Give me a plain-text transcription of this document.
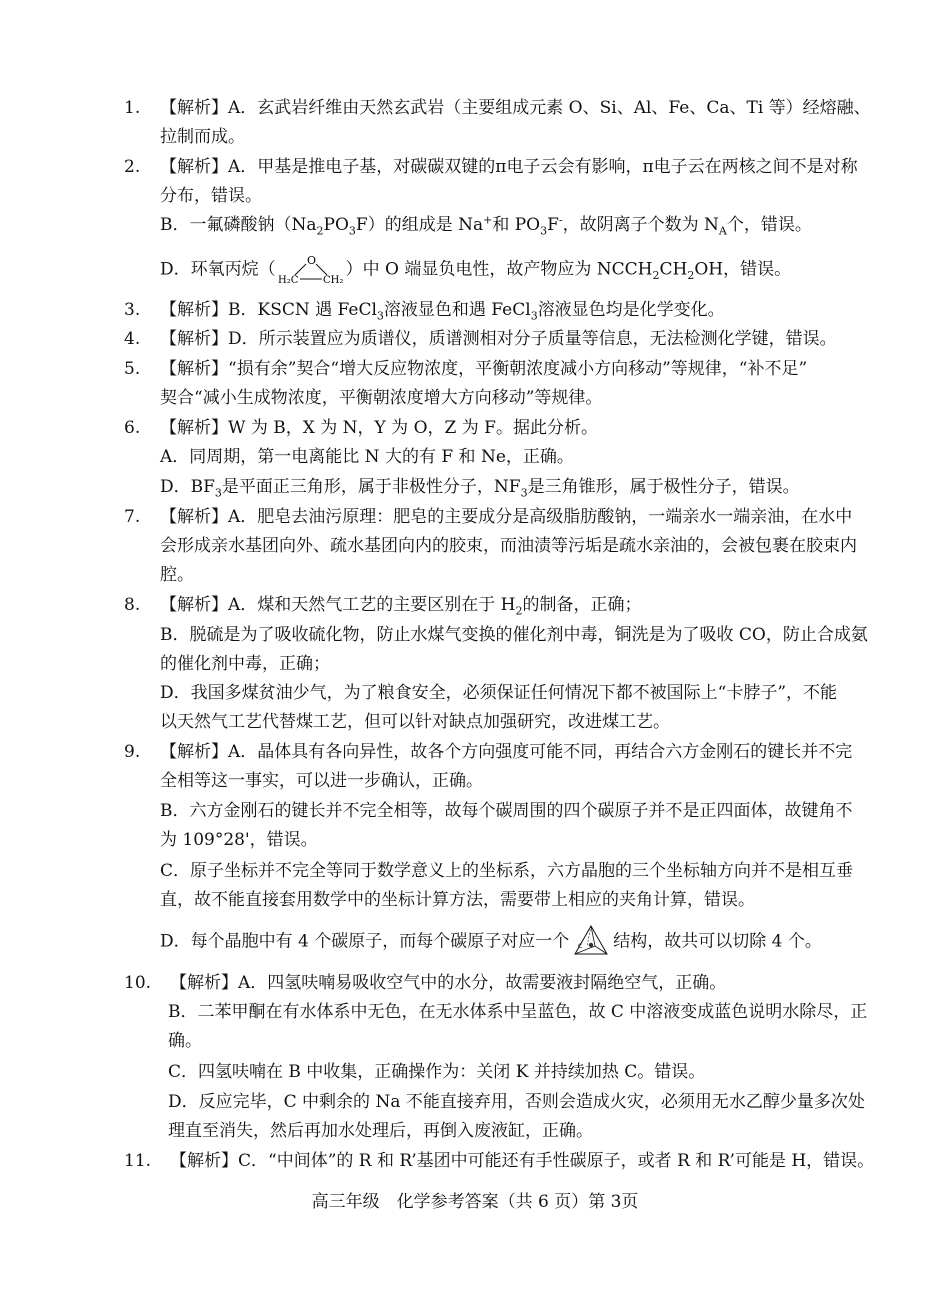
1. 【解析】A．玄武岩纤维由天然玄武岩（主要组成元素 O、Si、Al、Fe、Ca、Ti 等）经熔融、
拉制而成。
2. 【解析】A．甲基是推电子基，对碳碳双键的π电子云会有影响，π电子云在两核之间不是对称
分布，错误。
B．一氟磷酸钠$(Na_2PO_3F)$的组成是 Na+和 $PO_3F^-$，故阴离子个数为 $N_A$个，错误。
D．环氧丙烷（	O
H₂C CH₂
）中 O 端显负电性，故产物应为 $NCCH_2CH_2OH$，错误。
3. 【解析】B．KSCN 遇 FeCl$_3$溶液显色和遇 FeCl$_3$溶液显色均是化学变化。
4. 【解析】D．所示装置应为质谱仪，质谱测相对分子质量等信息，无法检测化学键，错误。
5. 【解析】“损有余”契合“增大反应物浓度，平衡朝浓度减小方向移动”等规律，“补不足”
契合“减小生成物浓度，平衡朝浓度增大方向移动”等规律。
6. 【解析】W 为 B，X 为 N，Y 为 O，Z 为 F。据此分析。
A．同周期，第一电离能比 N 大的有 F 和 Ne，正确。
D．$BF_3$是平面正三角形，属于非极性分子，$NF_3$是三角锥形，属于极性分子，错误。
7. 【解析】A．肥皂去油污原理：肥皂的主要成分是高级脂肪酸钠，一端亲水一端亲油，在水中
会形成亲水基团向外、疏水基团向内的胶束，而油渍等污垢是疏水亲油的，会被包裹在胶束内
腔。
8. 【解析】A．煤和天然气工艺的主要区别在于 $H_2$的制备，正确；
B．脱硫是为了吸收硫化物，防止水煤气变换的催化剂中毒，铜洗是为了吸收 CO，防止合成氨
的催化剂中毒，正确；
D．我国多煤贫油少气，为了粮食安全，必须保证任何情况下都不被国际上“卡脖子”，不能
以天然气工艺代替煤工艺，但可以针对缺点加强研究，改进煤工艺。
9. 【解析】A．晶体具有各向异性，故各个方向强度可能不同，再结合六方金刚石的键长并不完
全相等这一事实，可以进一步确认，正确。
B．六方金刚石的键长并不完全相等，故每个碳周围的四个碳原子并不是正四面体，故键角不
为 109°28'，错误。
C．原子坐标并不完全等同于数学意义上的坐标系，六方晶胞的三个坐标轴方向并不是相互垂
直，故不能直接套用数学中的坐标计算方法，需要带上相应的夹角计算，错误。
D．每个晶胞中有 4 个碳原子，而每个碳原子对应一个 C 结构，故共可以切除 4 个。
10. 【解析】A．四氢呋喃易吸收空气中的水分，故需要液封隔绝空气，正确。
B．二苯甲酮在有水体系中无色，在无水体系中呈蓝色，故 C 中溶液变成蓝色说明水除尽，正
确。
C．四氢呋喃在 B 中收集，正确操作为：关闭 K 并持续加热 C。错误。
D．反应完毕，C 中剩余的 Na 不能直接弃用，否则会造成火灾，必须用无水乙醇少量多次处
理直至消失，然后再加水处理后，再倒入废液缸，正确。
11. 【解析】C．“中间体”的 R 和 R’基团中可能还有手性碳原子，或者 R 和 R’可能是 H，错误。
高三年级　化学参考答案（共 6 页）第 3页
